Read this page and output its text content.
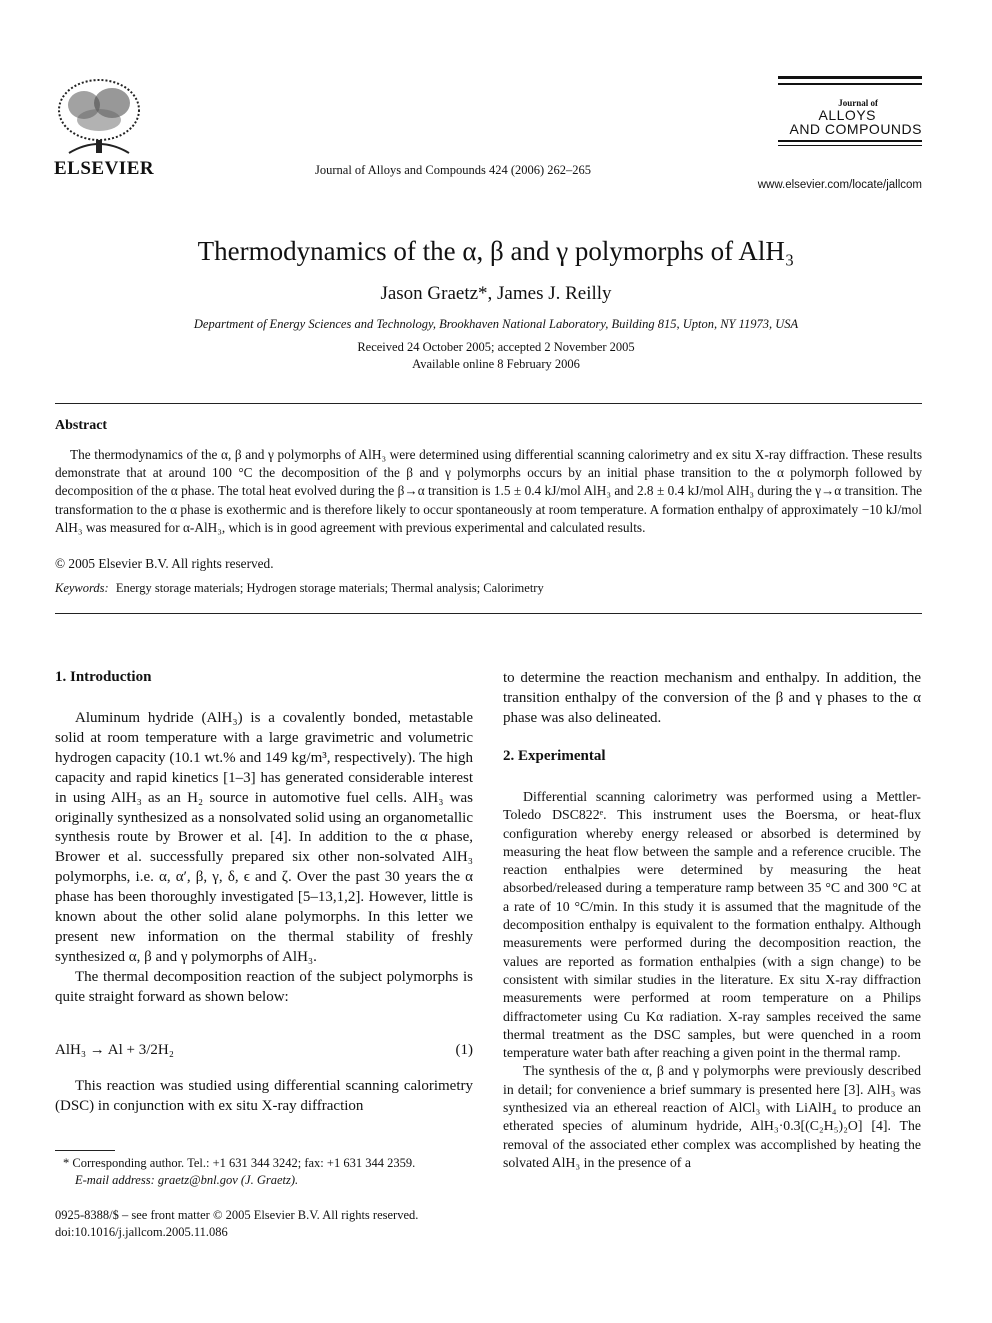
ELSEVIER	Journal of Alloys and Compounds 424 (2006) 262–265
Journal of
ALLOYS
AND COMPOUNDS
www.elsevier.com/locate/jallcom
Thermodynamics of the α, β and γ polymorphs of AlH₃
Jason Graetz*, James J. Reilly
Department of Energy Sciences and Technology, Brookhaven National Laboratory, Building 815, Upton, NY 11973, USA
Received 24 October 2005; accepted 2 November 2005
Available online 8 February 2006
Abstract

The thermodynamics of the α, β and γ polymorphs of AlH₃ were determined using differential scanning calorimetry and ex situ X-ray diffraction. These results demonstrate that at around 100 °C the decomposition of the β and γ polymorphs occurs by an initial phase transition to the α polymorph followed by decomposition of the α phase. The total heat evolved during the β→α transition is 1.5 ± 0.4 kJ/mol AlH₃ and 2.8 ± 0.4 kJ/mol AlH₃ during the γ→α transition. The transformation to the α phase is exothermic and is therefore likely to occur spontaneously at room temperature. A formation enthalpy of approximately −10 kJ/mol AlH₃ was measured for α-AlH₃, which is in good agreement with previous experimental and calculated results.

© 2005 Elsevier B.V. All rights reserved.
Keywords: Energy storage materials; Hydrogen storage materials; Thermal analysis; Calorimetry
1. Introduction

Aluminum hydride (AlH₃) is a covalently bonded, metastable solid at room temperature with a large gravimetric and volumetric hydrogen capacity (10.1 wt.% and 149 kg/m³, respectively). The high capacity and rapid kinetics [1–3] has generated considerable interest in using AlH₃ as an H₂ source in automotive fuel cells. AlH₃ was originally synthesized as a nonsolvated solid using an organometallic synthesis route by Brower et al. [4]. In addition to the α phase, Brower et al. successfully prepared six other non-solvated AlH₃ polymorphs, i.e. α, α′, β, γ, δ, ϵ and ζ. Over the past 30 years the α phase has been thoroughly investigated [5–13,1,2]. However, little is known about the other solid alane polymorphs. In this letter we present new information on the thermal stability of freshly synthesized α, β and γ polymorphs of AlH₃.

The thermal decomposition reaction of the subject polymorphs is quite straight forward as shown below:

AlH₃ → Al + 3/2H₂	(1)

This reaction was studied using differential scanning calorimetry (DSC) in conjunction with ex situ X-ray diffraction

* Corresponding author. Tel.: +1 631 344 3242; fax: +1 631 344 2359.
E-mail address: graetz@bnl.gov (J. Graetz).
0925-8388/$ – see front matter © 2005 Elsevier B.V. All rights reserved.
doi:10.1016/j.jallcom.2005.11.086

to determine the reaction mechanism and enthalpy. In addition, the transition enthalpy of the conversion of the β and γ phases to the α phase was also delineated.

2. Experimental

Differential scanning calorimetry was performed using a Mettler-Toledo DSC822ᵉ. This instrument uses the Boersma, or heat-flux configuration whereby energy released or absorbed is determined by measuring the heat flow between the sample and a reference crucible. The reaction enthalpies were determined by measuring the heat absorbed/released during a temperature ramp between 35 °C and 300 °C at a rate of 10 °C/min. In this study it is assumed that the magnitude of the decomposition enthalpy is equivalent to the formation enthalpy. Although measurements were performed during the decomposition reaction, the values are reported as formation enthalpies (with a sign change) to be consistent with similar studies in the literature. Ex situ X-ray diffraction measurements were performed at room temperature on a Philips diffractometer using Cu Kα radiation. X-ray samples received the same thermal treatment as the DSC samples, but were quenched in a room temperature water bath after reaching a given point in the thermal ramp.

The synthesis of the α, β and γ polymorphs were previously described in detail; for convenience a brief summary is presented here [3]. AlH₃ was synthesized via an ethereal reaction of AlCl₃ with LiAlH₄ to produce an etherated species of aluminum hydride, AlH₃·0.3[(C₂H₅)₂O] [4]. The removal of the associated ether complex was accomplished by heating the solvated AlH₃ in the presence of a
